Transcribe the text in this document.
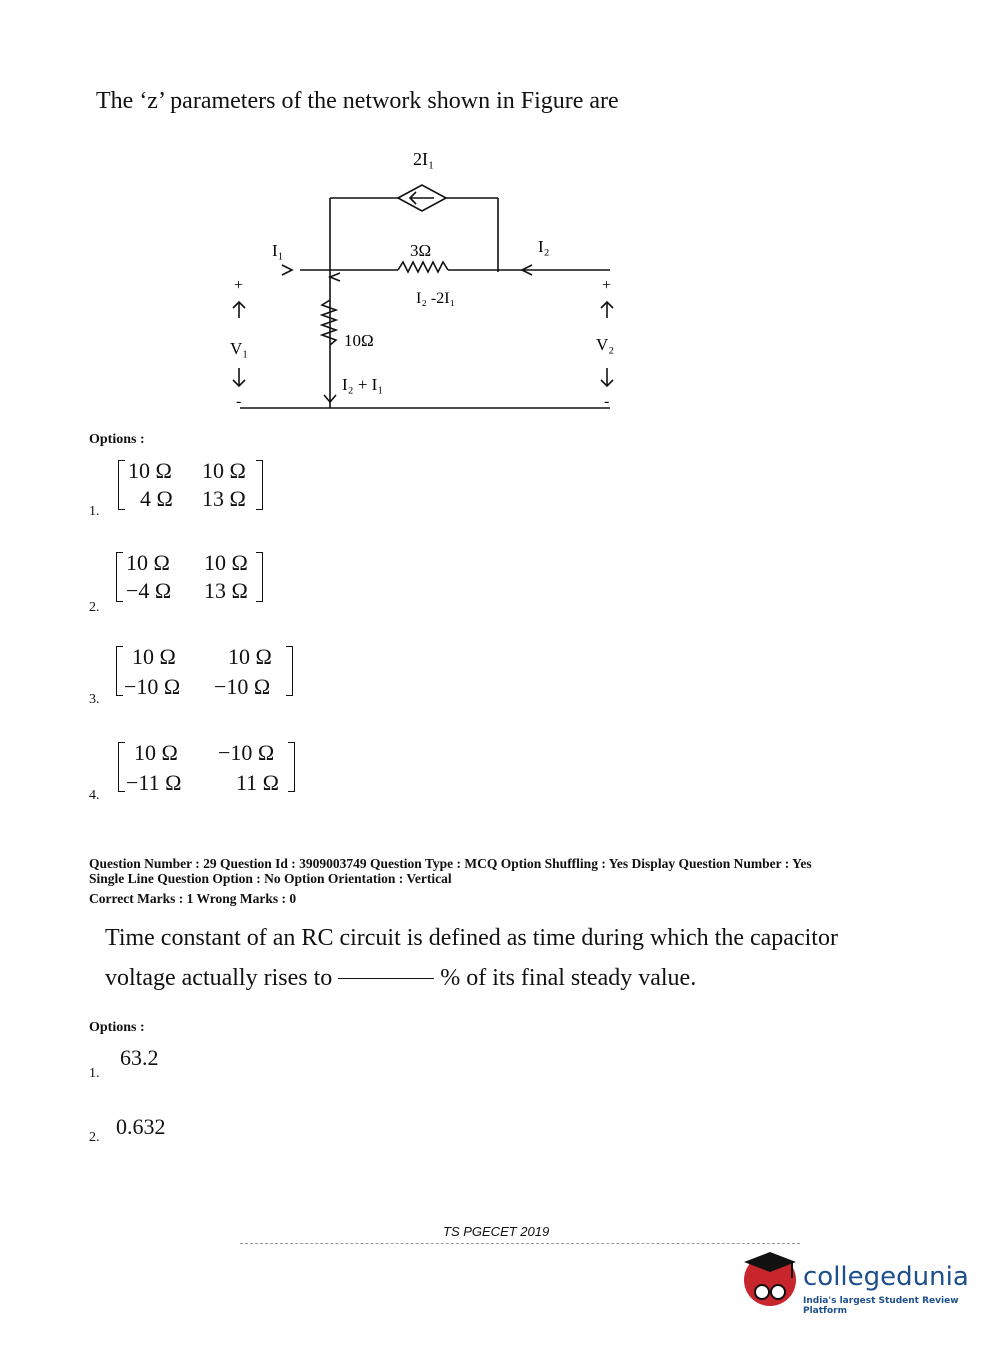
The ‘z’ parameters of the network shown in Figure are
2I₁
I₁	I₂
3Ω
I₂ -2I₁
10Ω
I₂ + I₁
V₁	V₂
+	+
-	-
Options :
1.
10 Ω 10 Ω
4 Ω 13 Ω
2.
10 Ω 10 Ω
−4 Ω 13 Ω
3.
10 Ω 10 Ω
−10 Ω −10 Ω
4.
10 Ω −10 Ω
−11 Ω 11 Ω
Question Number : 29 Question Id : 3909003749 Question Type : MCQ Option Shuffling : Yes Display Question Number : Yes
Single Line Question Option : No Option Orientation : Vertical
Correct Marks : 1 Wrong Marks : 0
Time constant of an RC circuit is defined as time during which the capacitor
voltage actually rises to	% of its final steady value.
Options :
1.
63.2
2. 0.632
TS PGECET 2019
collegedunia
India's largest Student Review Platform
